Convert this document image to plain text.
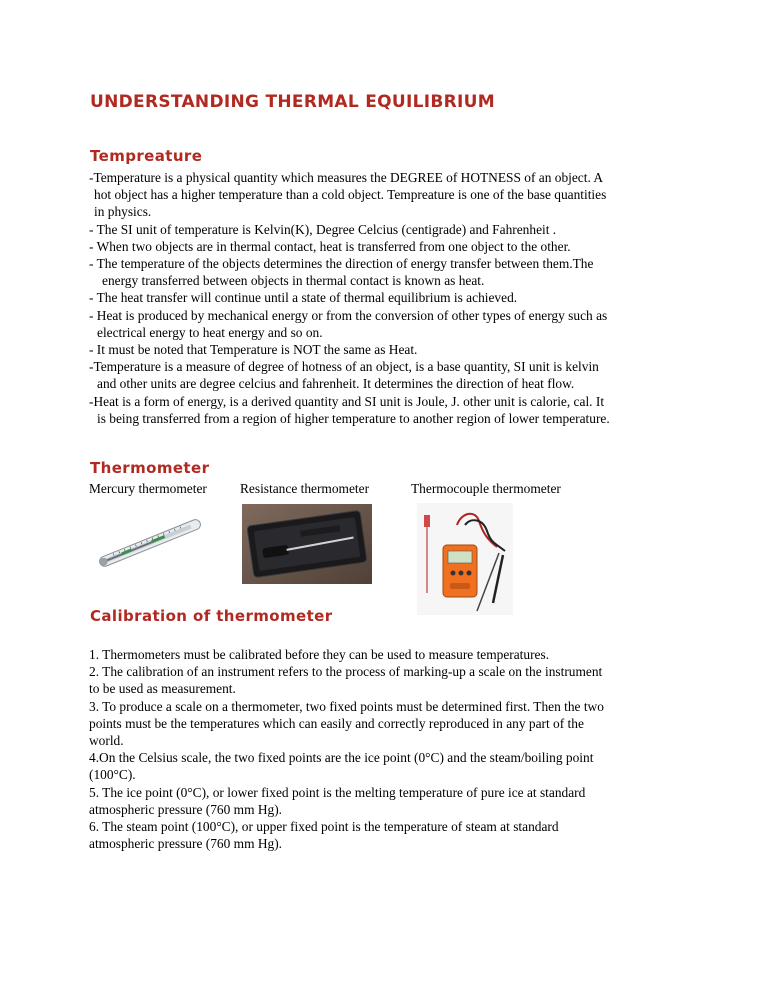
UNDERSTANDING THERMAL EQUILIBRIUM
Tempreature
-Temperature is a physical quantity which measures the DEGREE of HOTNESS of an object. A
hot object has a higher temperature than a cold object. Tempreature is one of the base quantities
in physics.
- The SI unit of temperature is Kelvin(K), Degree Celcius (centigrade) and Fahrenheit .
- When two objects are in thermal contact, heat is transferred from one object to the other.
- The temperature of the objects determines the direction of energy transfer between them.The
energy transferred between objects in thermal contact is known as heat.
- The heat transfer will continue until a state of thermal equilibrium is achieved.
- Heat is produced by mechanical energy or from the conversion of other types of energy such as
electrical energy to heat energy and so on.
- It must be noted that Temperature is NOT the same as Heat.
-Temperature is a measure of degree of hotness of an object, is a base quantity, SI unit is kelvin
and other units are degree celcius and fahrenheit. It determines the direction of heat flow.
-Heat is a form of energy, is a derived quantity and SI unit is Joule, J. other unit is calorie, cal. It
is being transferred from a region of higher temperature to another region of lower temperature.
Thermometer
Mercury thermometer Resistance thermometer	Thermocouple thermometer
Calibration of thermometer
1. Thermometers must be calibrated before they can be used to measure temperatures.
2. The calibration of an instrument refers to the process of marking-up a scale on the instrument
to be used as measurement.
3. To produce a scale on a thermometer, two fixed points must be determined first. Then the two
points must be the temperatures which can easily and correctly reproduced in any part of the
world.
4.On the Celsius scale, the two fixed points are the ice point (0°C) and the steam/boiling point
(100°C).
5. The ice point (0°C), or lower fixed point is the melting temperature of pure ice at standard
atmospheric pressure (760 mm Hg).
6. The steam point (100°C), or upper fixed point is the temperature of steam at standard
atmospheric pressure (760 mm Hg).
